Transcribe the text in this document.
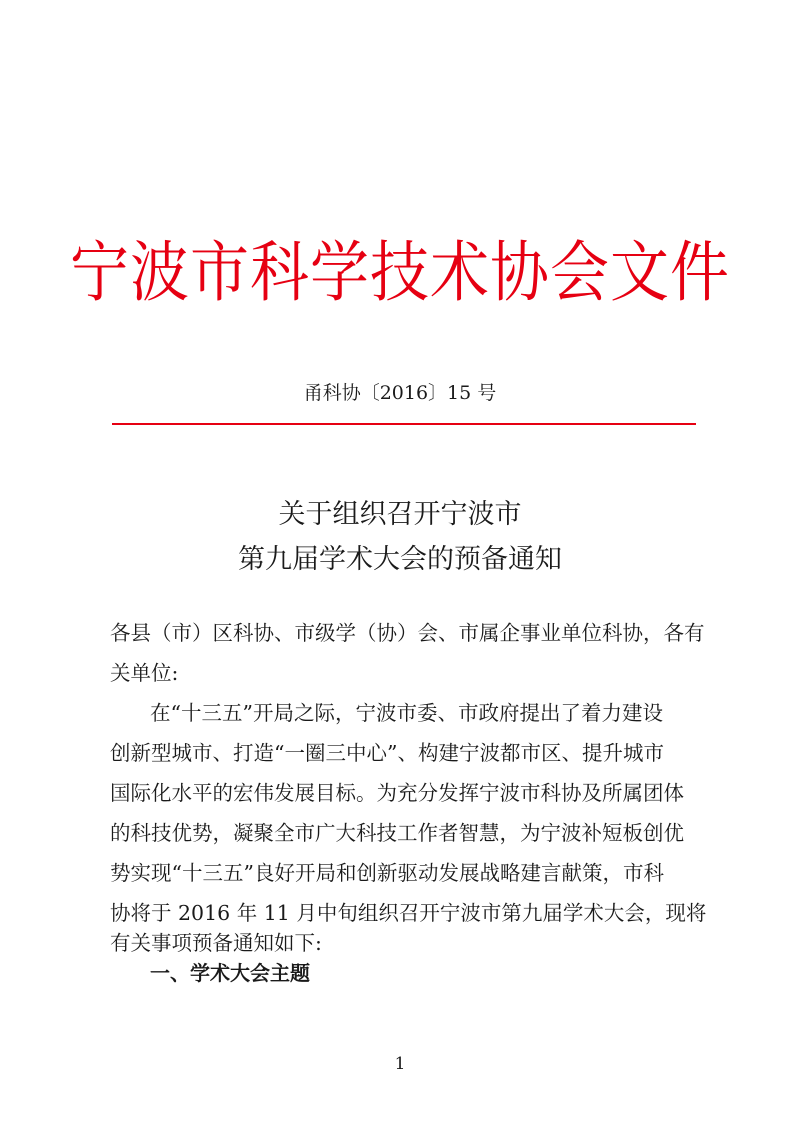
宁波市科学技术协会文件
甬科协〔2016〕15 号
关于组织召开宁波市
第九届学术大会的预备通知
各县（市）区科协、市级学（协）会、市属企事业单位科协，各有
关单位:
在“十三五”开局之际，宁波市委、市政府提出了着力建设
创新型城市、打造“一圈三中心”、构建宁波都市区、提升城市
国际化水平的宏伟发展目标。为充分发挥宁波市科协及所属团体
的科技优势，凝聚全市广大科技工作者智慧，为宁波补短板创优
势实现“十三五”良好开局和创新驱动发展战略建言献策，市科
协将于 2016 年 11 月中旬组织召开宁波市第九届学术大会，现将
有关事项预备通知如下:
一、学术大会主题
1
